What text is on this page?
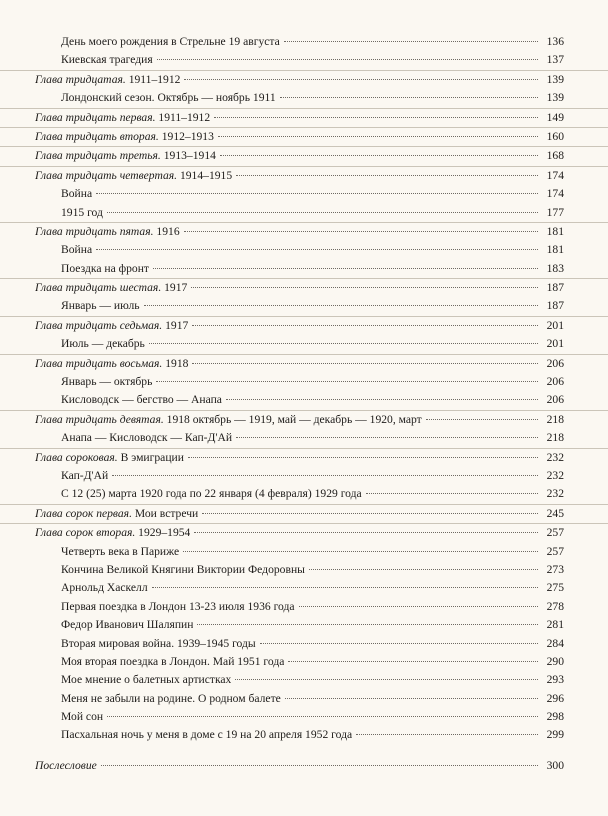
День моего рождения в Стрельне 19 августа	136
Киевская трагедия	137
Глава тридцатая. 1911–1912	139
Лондонский сезон. Октябрь — ноябрь 1911	139
Глава тридцать первая. 1911–1912	149
Глава тридцать вторая. 1912–1913	160
Глава тридцать третья. 1913–1914	168
Глава тридцать четвертая. 1914–1915	174
Война	174
1915 год	177
Глава тридцать пятая. 1916	181
Война	181
Поездка на фронт	183
Глава тридцать шестая. 1917	187
Январь — июль	187
Глава тридцать седьмая. 1917	201
Июль — декабрь	201
Глава тридцать восьмая. 1918	206
Январь — октябрь	206
Кисловодск — бегство — Анапа	206
Глава тридцать девятая. 1918 октябрь — 1919, май — декабрь — 1920, март	218
Анапа — Кисловодск — Кап-Д'Ай	218
Глава сороковая. В эмиграции	232
Кап-Д'Ай	232
С 12 (25) марта 1920 года по 22 января (4 февраля) 1929 года	232
Глава сорок первая. Мои встречи	245
Глава сорок вторая. 1929–1954	257
Четверть века в Париже	257
Кончина Великой Княгини Виктории Федоровны	273
Арнольд Хаскелл	275
Первая поездка в Лондон 13-23 июля 1936 года	278
Федор Иванович Шаляпин	281
Вторая мировая война. 1939–1945 годы	284
Моя вторая поездка в Лондон. Май 1951 года	290
Мое мнение о балетных артистках	293
Меня не забыли на родине. О родном балете	296
Мой сон	298
Пасхальная ночь у меня в доме с 19 на 20 апреля 1952 года	299
Послесловие	300
